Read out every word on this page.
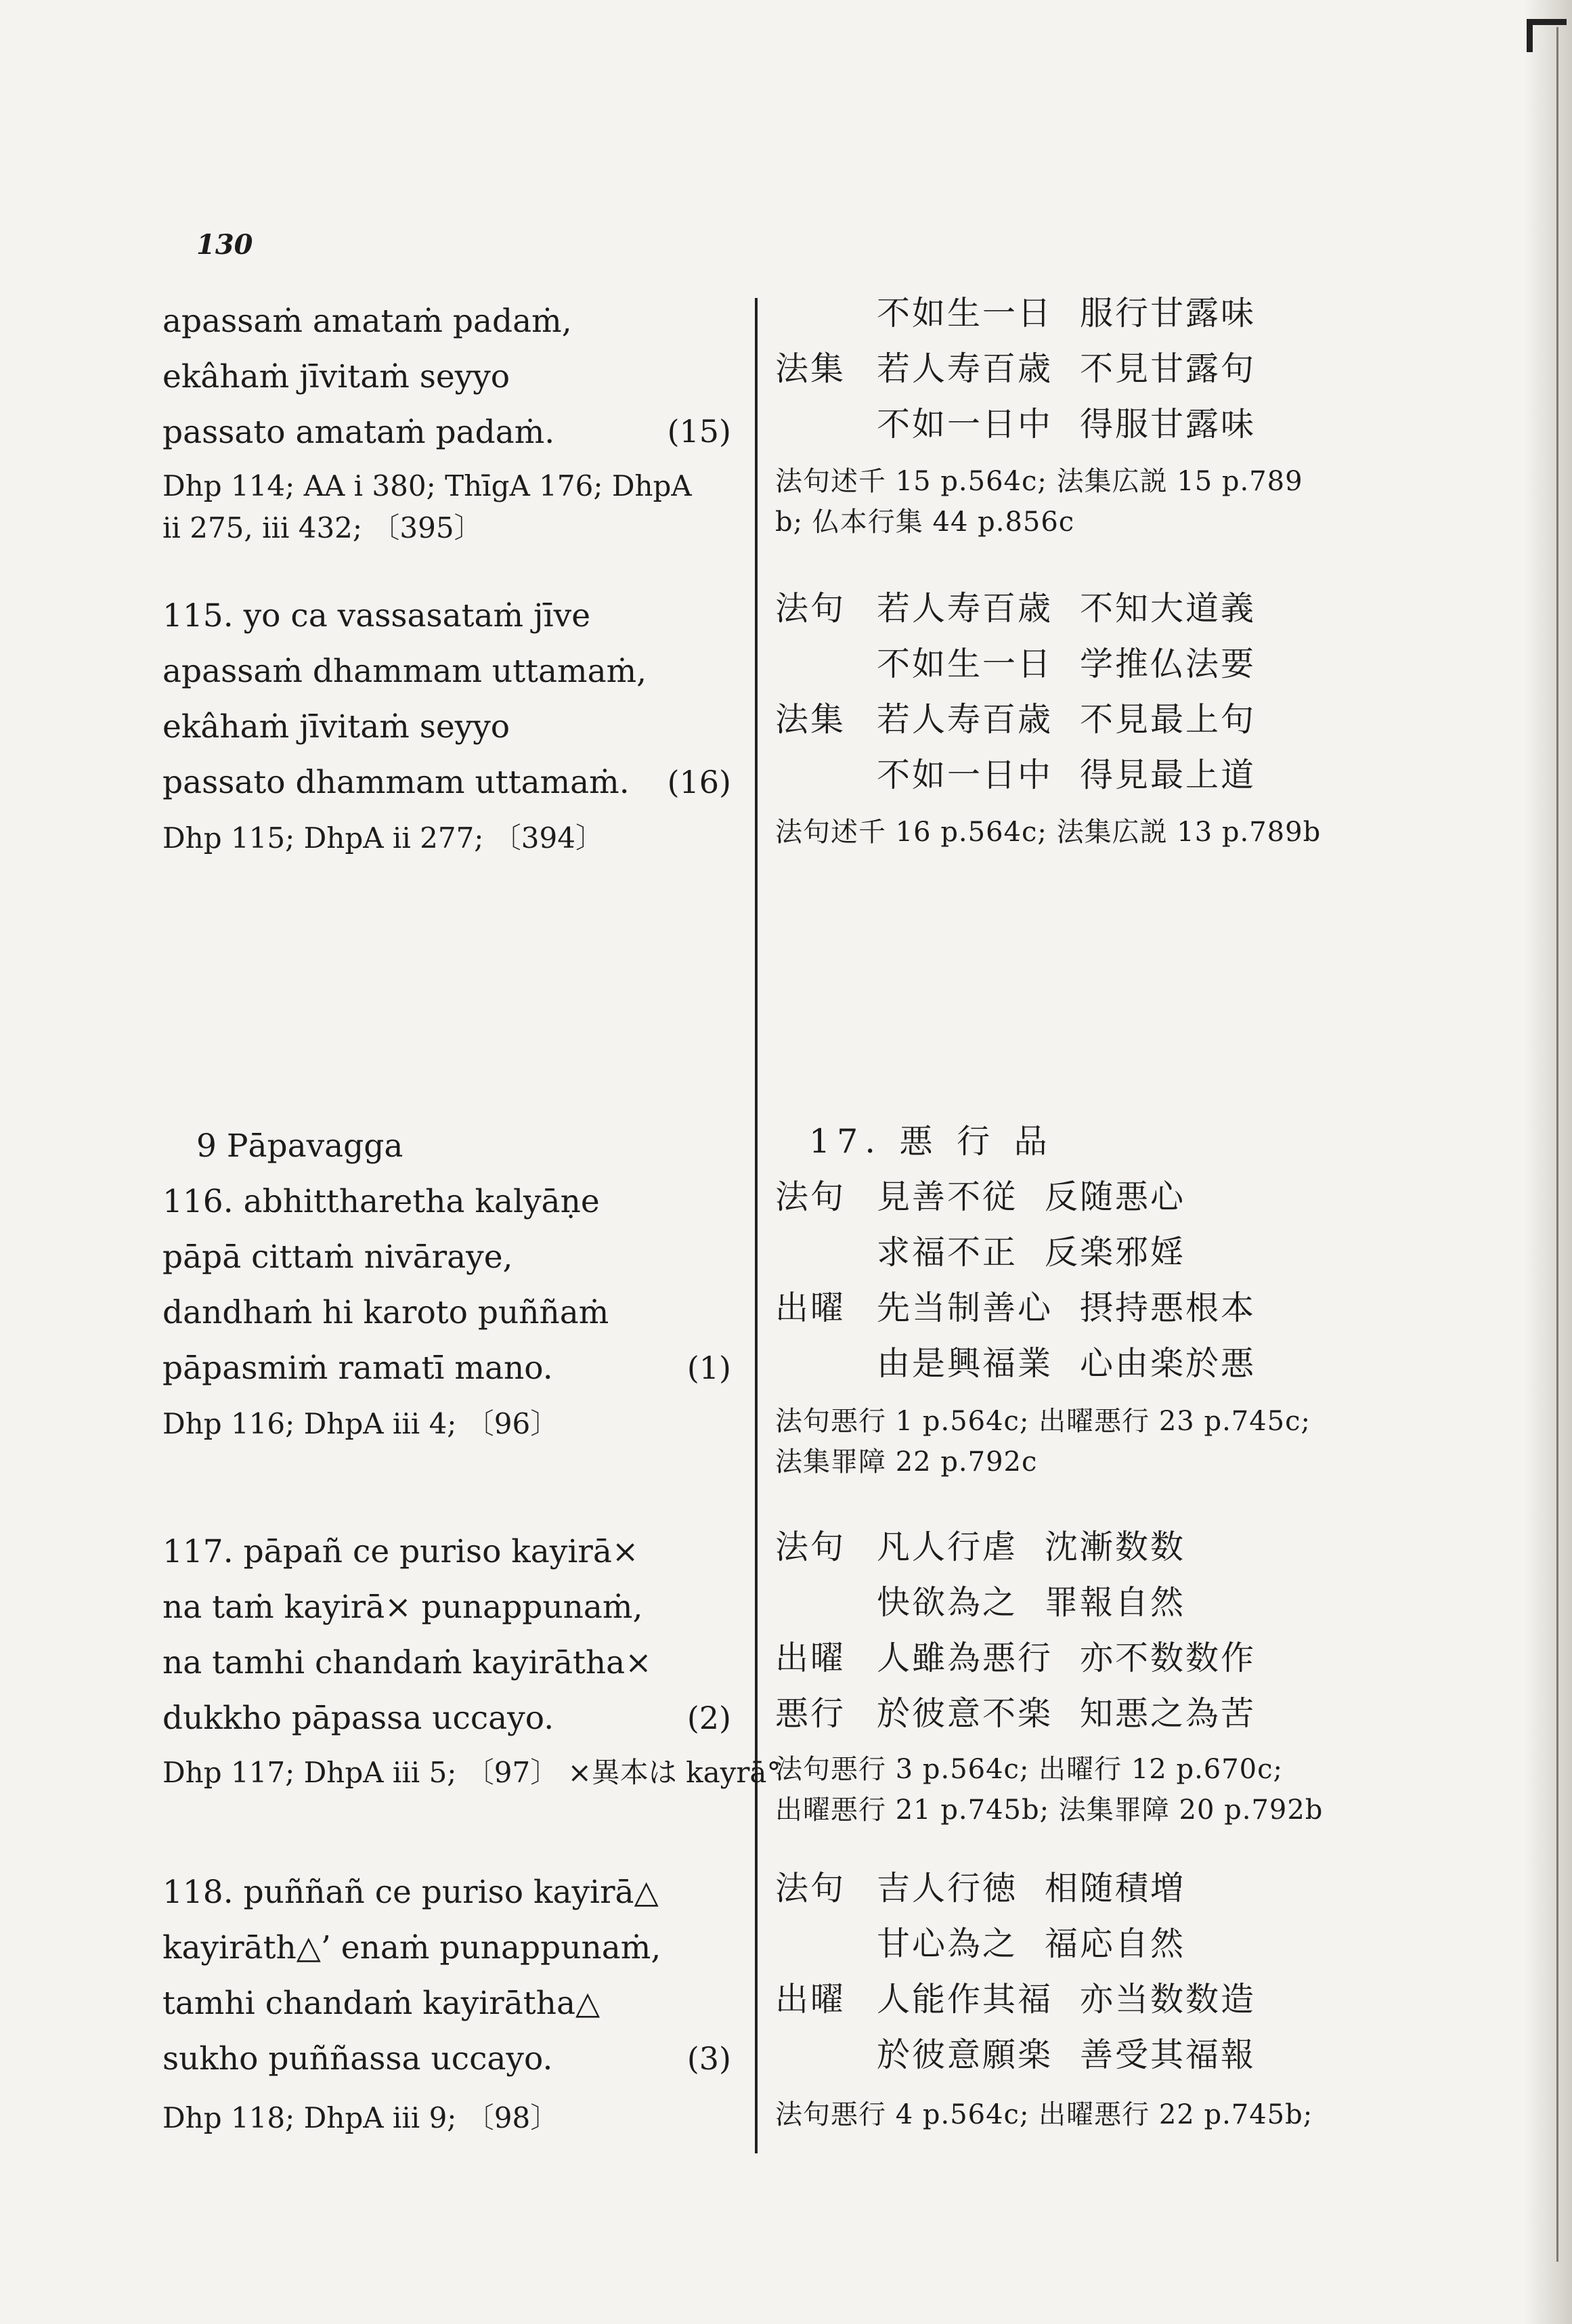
130
apassaṁ amataṁ padaṁ,
ekâhaṁ jīvitaṁ seyyo
passato amataṁ padaṁ.	(15)
Dhp 114; AA i 380; ThīgA 176; DhpA
ii 275, iii 432; 〔395〕
115. yo ca vassasataṁ jīve
apassaṁ dhammam uttamaṁ,
ekâhaṁ jīvitaṁ seyyo
passato dhammam uttamaṁ. (16)
Dhp 115; DhpA ii 277; 〔394〕
9 Pāpavagga
116. abhittharetha kalyāṇe
pāpā cittaṁ nivāraye,
dandhaṁ hi karoto puññaṁ
pāpasmiṁ ramatī mano.	(1)
Dhp 116; DhpA iii 4; 〔96〕
117. pāpañ ce puriso kayirā×
na taṁ kayirā× punappunaṁ,
na tamhi chandaṁ kayirātha×
dukkho pāpassa uccayo.	(2)
Dhp 117; DhpA iii 5; 〔97〕 ×異本は kayrā°
118. puññañ ce puriso kayirā△
kayirāth△’ enaṁ punappunaṁ,
tamhi chandaṁ kayirātha△
sukho puññassa uccayo.	(3)
Dhp 118; DhpA iii 9; 〔98〕
不如生一日 服行甘露味
法集 若人寿百歳 不見甘露句
不如一日中 得服甘露味
法句述千 15 p.564c; 法集広説 15 p.789
b; 仏本行集 44 p.856c
法句 若人寿百歳 不知大道義
不如生一日 学推仏法要
法集 若人寿百歳 不見最上句
不如一日中 得見最上道
法句述千 16 p.564c; 法集広説 13 p.789b
17. 悪 行 品
法句 見善不従 反随悪心
求福不正 反楽邪婬
出曜 先当制善心 摂持悪根本
由是興福業 心由楽於悪
法句悪行 1 p.564c; 出曜悪行 23 p.745c;
法集罪障 22 p.792c
法句 凡人行虐 沈漸数数
快欲為之 罪報自然
出曜 人雖為悪行 亦不数数作
悪行 於彼意不楽 知悪之為苦
法句悪行 3 p.564c; 出曜行 12 p.670c;
出曜悪行 21 p.745b; 法集罪障 20 p.792b
法句 吉人行徳 相随積増
甘心為之 福応自然
出曜 人能作其福 亦当数数造
於彼意願楽 善受其福報
法句悪行 4 p.564c; 出曜悪行 22 p.745b;
